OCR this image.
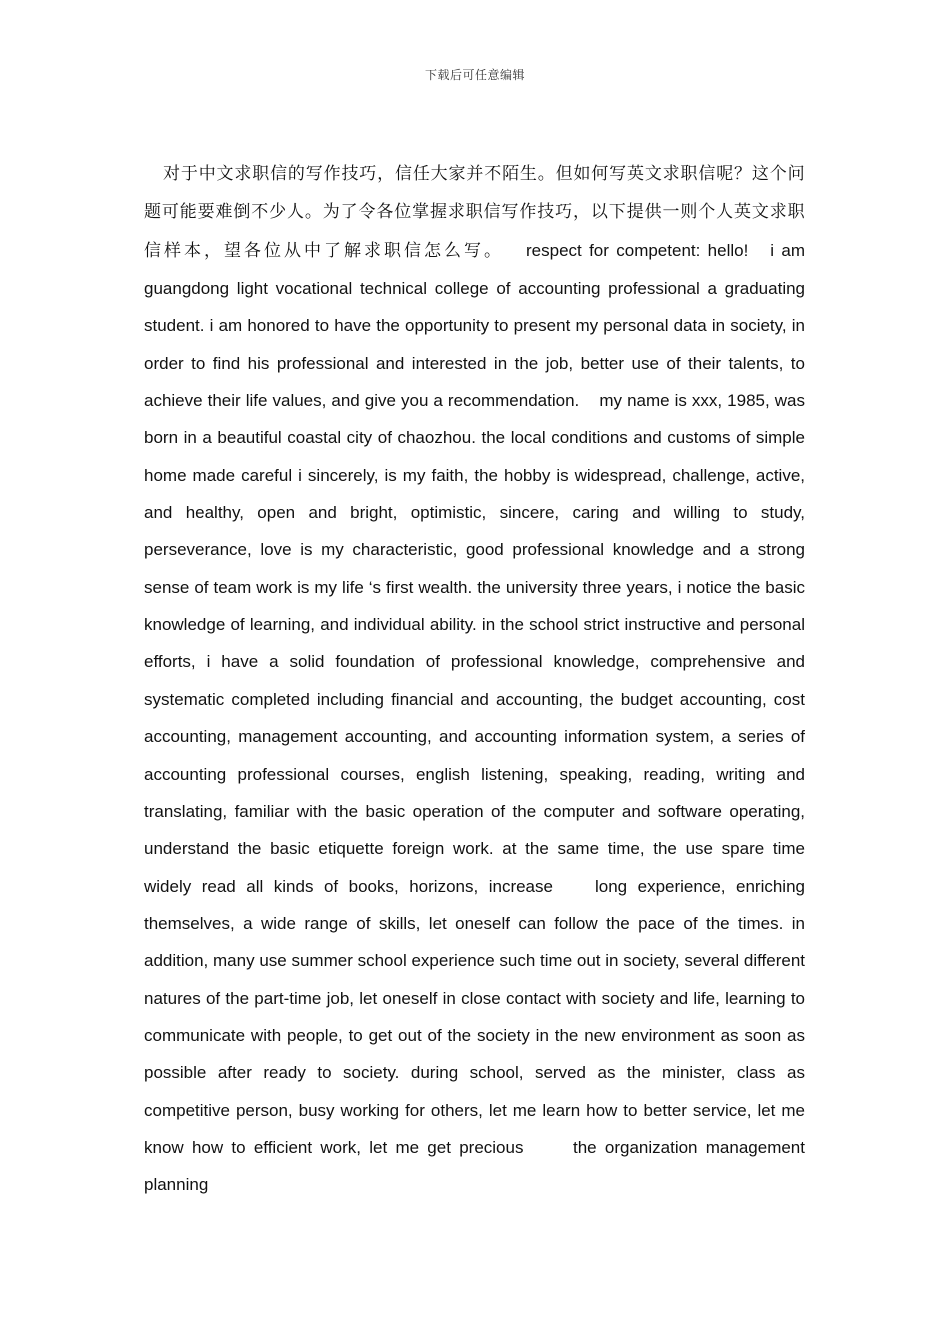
下载后可任意编辑

对于中文求职信的写作技巧，信任大家并不陌生。但如何写英文求职信呢？这个问题可能要难倒不少人。为了令各位掌握求职信写作技巧，以下提供一则个人英文求职信样本，望各位从中了解求职信怎么写。   respect for competent: hello!   i am guangdong light vocational technical college of accounting professional a graduating student. i am honored to have the opportunity to present my personal data in society, in order to find his professional and interested in the job, better use of their talents, to achieve their life values, and give you a recommendation.    my name is xxx, 1985, was born in a beautiful coastal city of chaozhou. the local conditions and customs of simple home made careful i sincerely, is my faith, the hobby is widespread, challenge, active, and healthy, open and bright, optimistic, sincere, caring and willing to study, perseverance, love is my characteristic, good professional knowledge and a strong sense of team work is my life ‘s first wealth. the university three years, i notice the basic knowledge of learning, and individual ability. in the school strict instructive and personal efforts, i have a solid foundation of professional knowledge, comprehensive and systematic completed including financial and accounting, the budget accounting, cost accounting, management accounting, and accounting information system, a series of accounting professional courses, english listening, speaking, reading, writing and translating, familiar with the basic operation of the computer and software operating, understand the basic etiquette foreign work. at the same time, the use spare time widely read all kinds of books, horizons, increase    long experience, enriching themselves, a wide range of skills, let oneself can follow the pace of the times. in addition, many use summer school experience such time out in society, several different natures of the part-time job, let oneself in close contact with society and life, learning to communicate with people, to get out of the society in the new environment as soon as possible after ready to society. during school, served as the minister, class as competitive person, busy working for others, let me learn how to better service, let me know how to efficient work, let me get precious      the organization management planning
